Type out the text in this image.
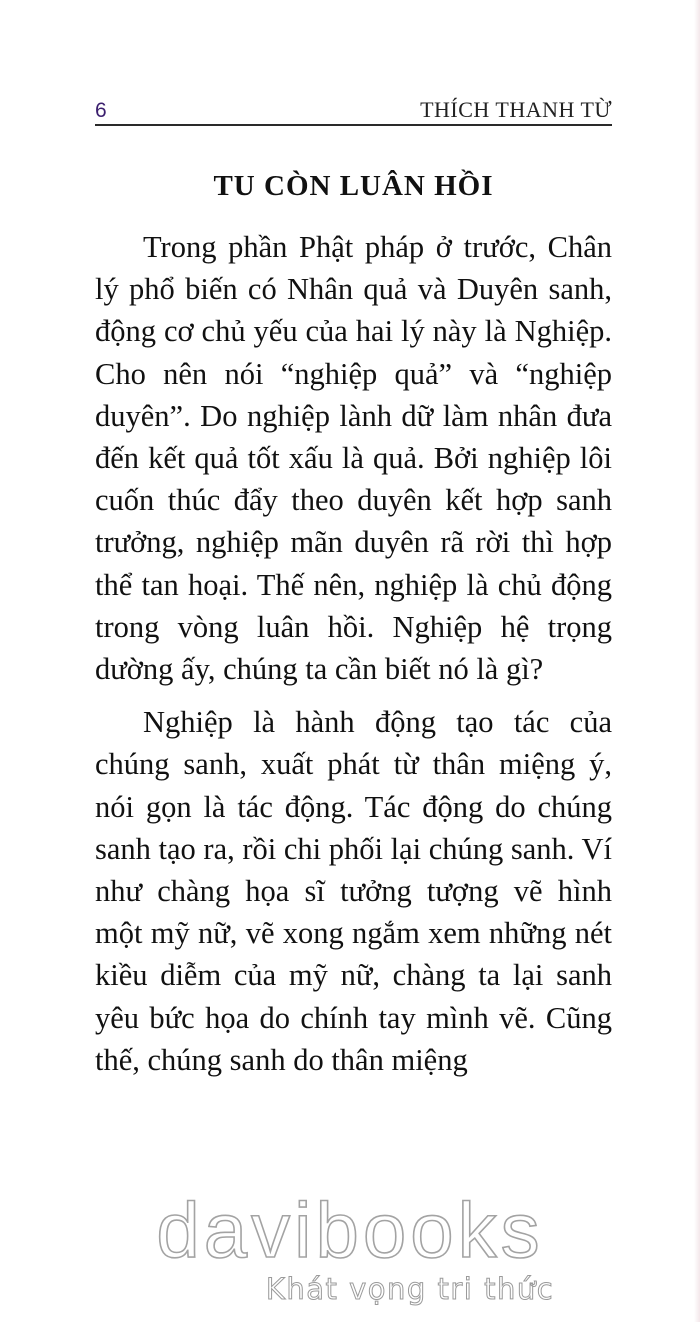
6	THÍCH THANH TỪ
TU CÒN LUÂN HỒI

Trong phần Phật pháp ở trước, Chân lý phổ biến có Nhân quả và Duyên sanh, động cơ chủ yếu của hai lý này là Nghiệp. Cho nên nói “nghiệp quả” và “nghiệp duyên”. Do nghiệp lành dữ làm nhân đưa đến kết quả tốt xấu là quả. Bởi nghiệp lôi cuốn thúc đẩy theo duyên kết hợp sanh trưởng, nghiệp mãn duyên rã rời thì hợp thể tan hoại. Thế nên, nghiệp là chủ động trong vòng luân hồi. Nghiệp hệ trọng dường ấy, chúng ta cần biết nó là gì?

Nghiệp là hành động tạo tác của chúng sanh, xuất phát từ thân miệng ý, nói gọn là tác động. Tác động do chúng sanh tạo ra, rồi chi phối lại chúng sanh. Ví như chàng họa sĩ tưởng tượng vẽ hình một mỹ nữ, vẽ xong ngắm xem những nét kiều diễm của mỹ nữ, chàng ta lại sanh yêu bức họa do chính tay mình vẽ. Cũng thế, chúng sanh do thân miệng

davibooks
Khát vọng tri thức
